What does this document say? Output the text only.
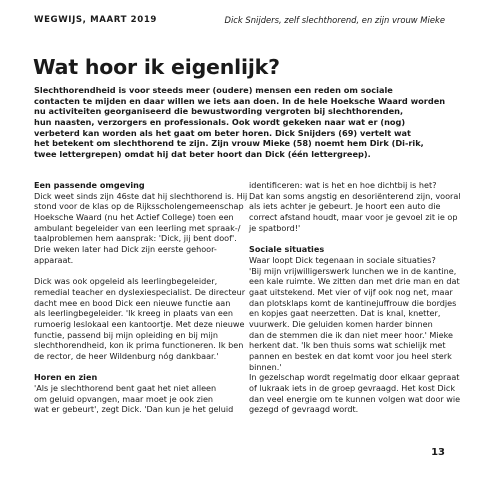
WEGWIJS, MAART 2019	Dick Snijders, zelf slechthorend, en zijn vrouw Mieke
Wat hoor ik eigenlijk?
Slechthorendheid is voor steeds meer (oudere) mensen een reden om sociale
contacten te mijden en daar willen we iets aan doen. In de hele Hoeksche Waard worden
nu activiteiten georganiseerd die bewustwording vergroten bij slechthorenden,
hun naasten, verzorgers en professionals. Ook wordt gekeken naar wat er (nog)
verbeterd kan worden als het gaat om beter horen. Dick Snijders (69) vertelt wat
het betekent om slechthorend te zijn. Zijn vrouw Mieke (58) noemt hem Dirk (Di-rik,
twee lettergrepen) omdat hij dat beter hoort dan Dick (één lettergreep).
Een passende omgeving
Dick weet sinds zijn 46ste dat hij slechthorend is. Hij
stond voor de klas op de Rijksscholengemeenschap
Hoeksche Waard (nu het Actief College) toen een
ambulant begeleider van een leerling met spraak-/
taalproblemen hem aansprak: 'Dick, jij bent doof'.
Drie weken later had Dick zijn eerste gehoor-
apparaat.
Dick was ook opgeleid als leerlingbegeleider,
remedial teacher en dyslexiespecialist. De directeur
dacht mee en bood Dick een nieuwe functie aan
als leerlingbegeleider. 'Ik kreeg in plaats van een
rumoerig leslokaal een kantoortje. Met deze nieuwe
functie, passend bij mijn opleiding en bij mijn
slechthorendheid, kon ik prima functioneren. Ik ben
de rector, de heer Wildenburg nóg dankbaar.'
Horen en zien
'Als je slechthorend bent gaat het niet alleen
om geluid opvangen, maar moet je ook zien
wat er gebeurt', zegt Dick. 'Dan kun je het geluid
identificeren: wat is het en hoe dichtbij is het?
Dat kan soms angstig en desoriënterend zijn, vooral
als iets achter je gebeurt. Je hoort een auto die
correct afstand houdt, maar voor je gevoel zit ie op
je spatbord!'
Sociale situaties
Waar loopt Dick tegenaan in sociale situaties?
'Bij mijn vrijwilligerswerk lunchen we in de kantine,
een kale ruimte. We zitten dan met drie man en dat
gaat uitstekend. Met vier of vijf ook nog net, maar
dan plotsklaps komt de kantinejuffrouw die bordjes
en kopjes gaat neerzetten. Dat is knal, knetter,
vuurwerk. Die geluiden komen harder binnen
dan de stemmen die ik dan niet meer hoor.' Mieke
herkent dat. 'Ik ben thuis soms wat schielijk met
pannen en bestek en dat komt voor jou heel sterk
binnen.'
In gezelschap wordt regelmatig door elkaar gepraat
of lukraak iets in de groep gevraagd. Het kost Dick
dan veel energie om te kunnen volgen wat door wie
gezegd of gevraagd wordt.
13
